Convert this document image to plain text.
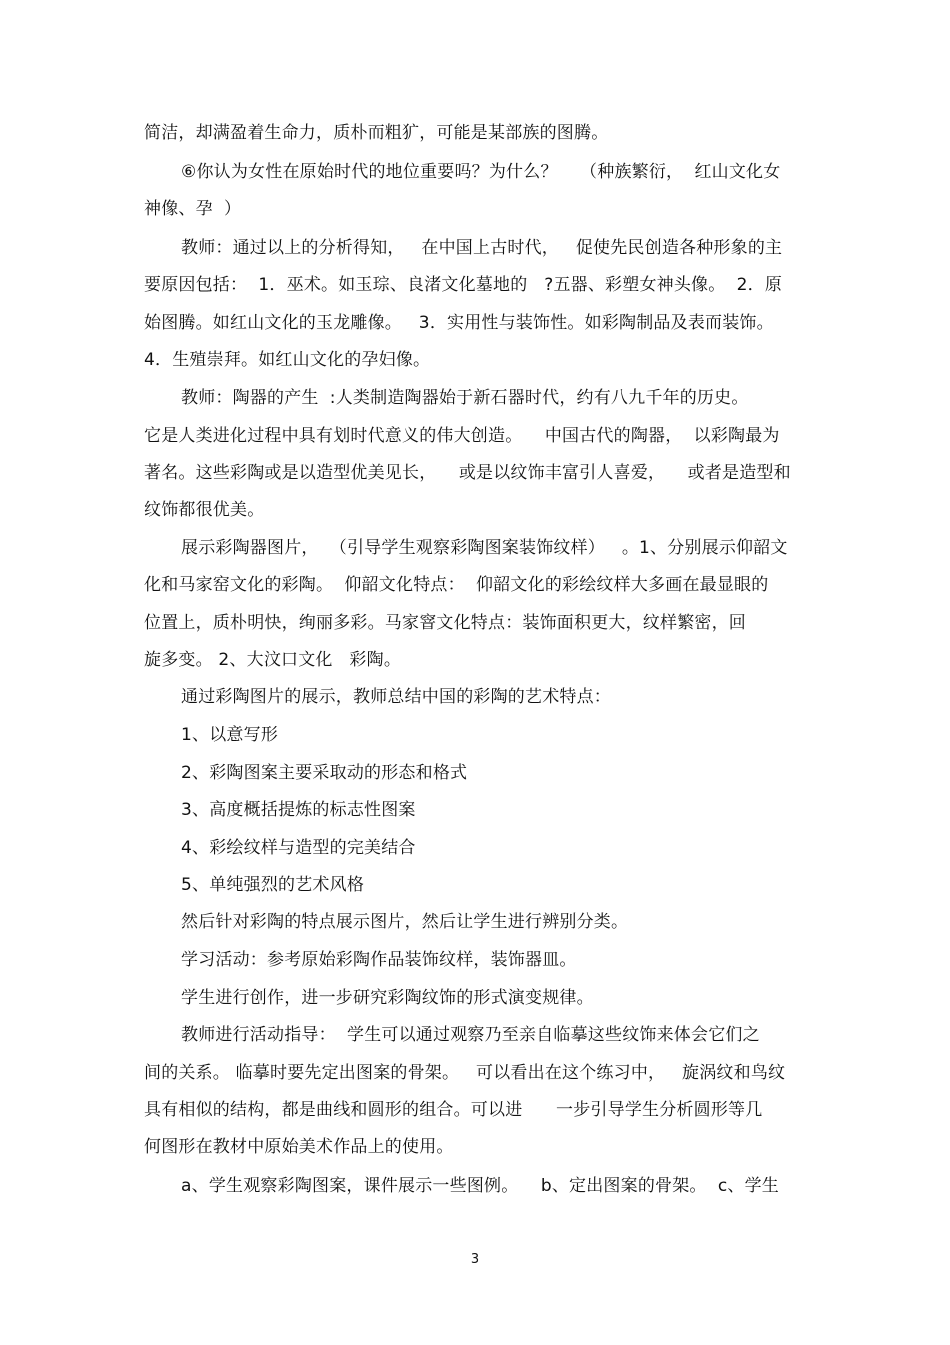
简洁，却满盈着生命力，质朴而粗犷，可能是某部族的图腾。
⑥你认为女性在原始时代的地位重要吗？为什么？    （种族繁衍，  红山文化女
神像、孕  ）
教师：通过以上的分析得知，   在中国上古时代，   促使先民创造各种形象的主
要原因包括：  1．巫术。如玉琮、良渚文化墓地的   ?五器、彩塑女神头像。  2．原
始图腾。如红山文化的玉龙雕像。   3．实用性与装饰性。如彩陶制品及表而装饰。
4．生殖崇拜。如红山文化的孕妇像。
教师：陶器的产生  :人类制造陶器始于新石器时代，约有八九千年的历史。
它是人类进化过程中具有划时代意义的伟大创造。    中国古代的陶器，  以彩陶最为
著名。这些彩陶或是以造型优美见长，    或是以纹饰丰富引人喜爱，    或者是造型和
纹饰都很优美。
展示彩陶器图片，  （引导学生观察彩陶图案装饰纹样）   。1、分别展示仰韶文
化和马家窑文化的彩陶。  仰韶文化特点：  仰韶文化的彩绘纹样大多画在最显眼的
位置上，质朴明快，绚丽多彩。马家窨文化特点：装饰面积更大，纹样繁密，回
旋多变。 2、大汶口文化   彩陶。
通过彩陶图片的展示，教师总结中国的彩陶的艺术特点：
1、以意写形
2、彩陶图案主要采取动的形态和格式
3、高度概括提炼的标志性图案
4、彩绘纹样与造型的完美结合
5、单纯强烈的艺术风格
然后针对彩陶的特点展示图片，然后让学生进行辨别分类。
学习活动：参考原始彩陶作品装饰纹样，装饰器皿。
学生进行创作，进一步研究彩陶纹饰的形式演变规律。
教师进行活动指导：  学生可以通过观察乃至亲自临摹这些纹饰来体会它们之
间的关系。 临摹时要先定出图案的骨架。   可以看出在这个练习中，   旋涡纹和鸟纹
具有相似的结构，都是曲线和圆形的组合。可以进      一步引导学生分析圆形等几
何图形在教材中原始美术作品上的使用。
a、学生观察彩陶图案，课件展示一些图例。    b、定出图案的骨架。  c、学生
3
